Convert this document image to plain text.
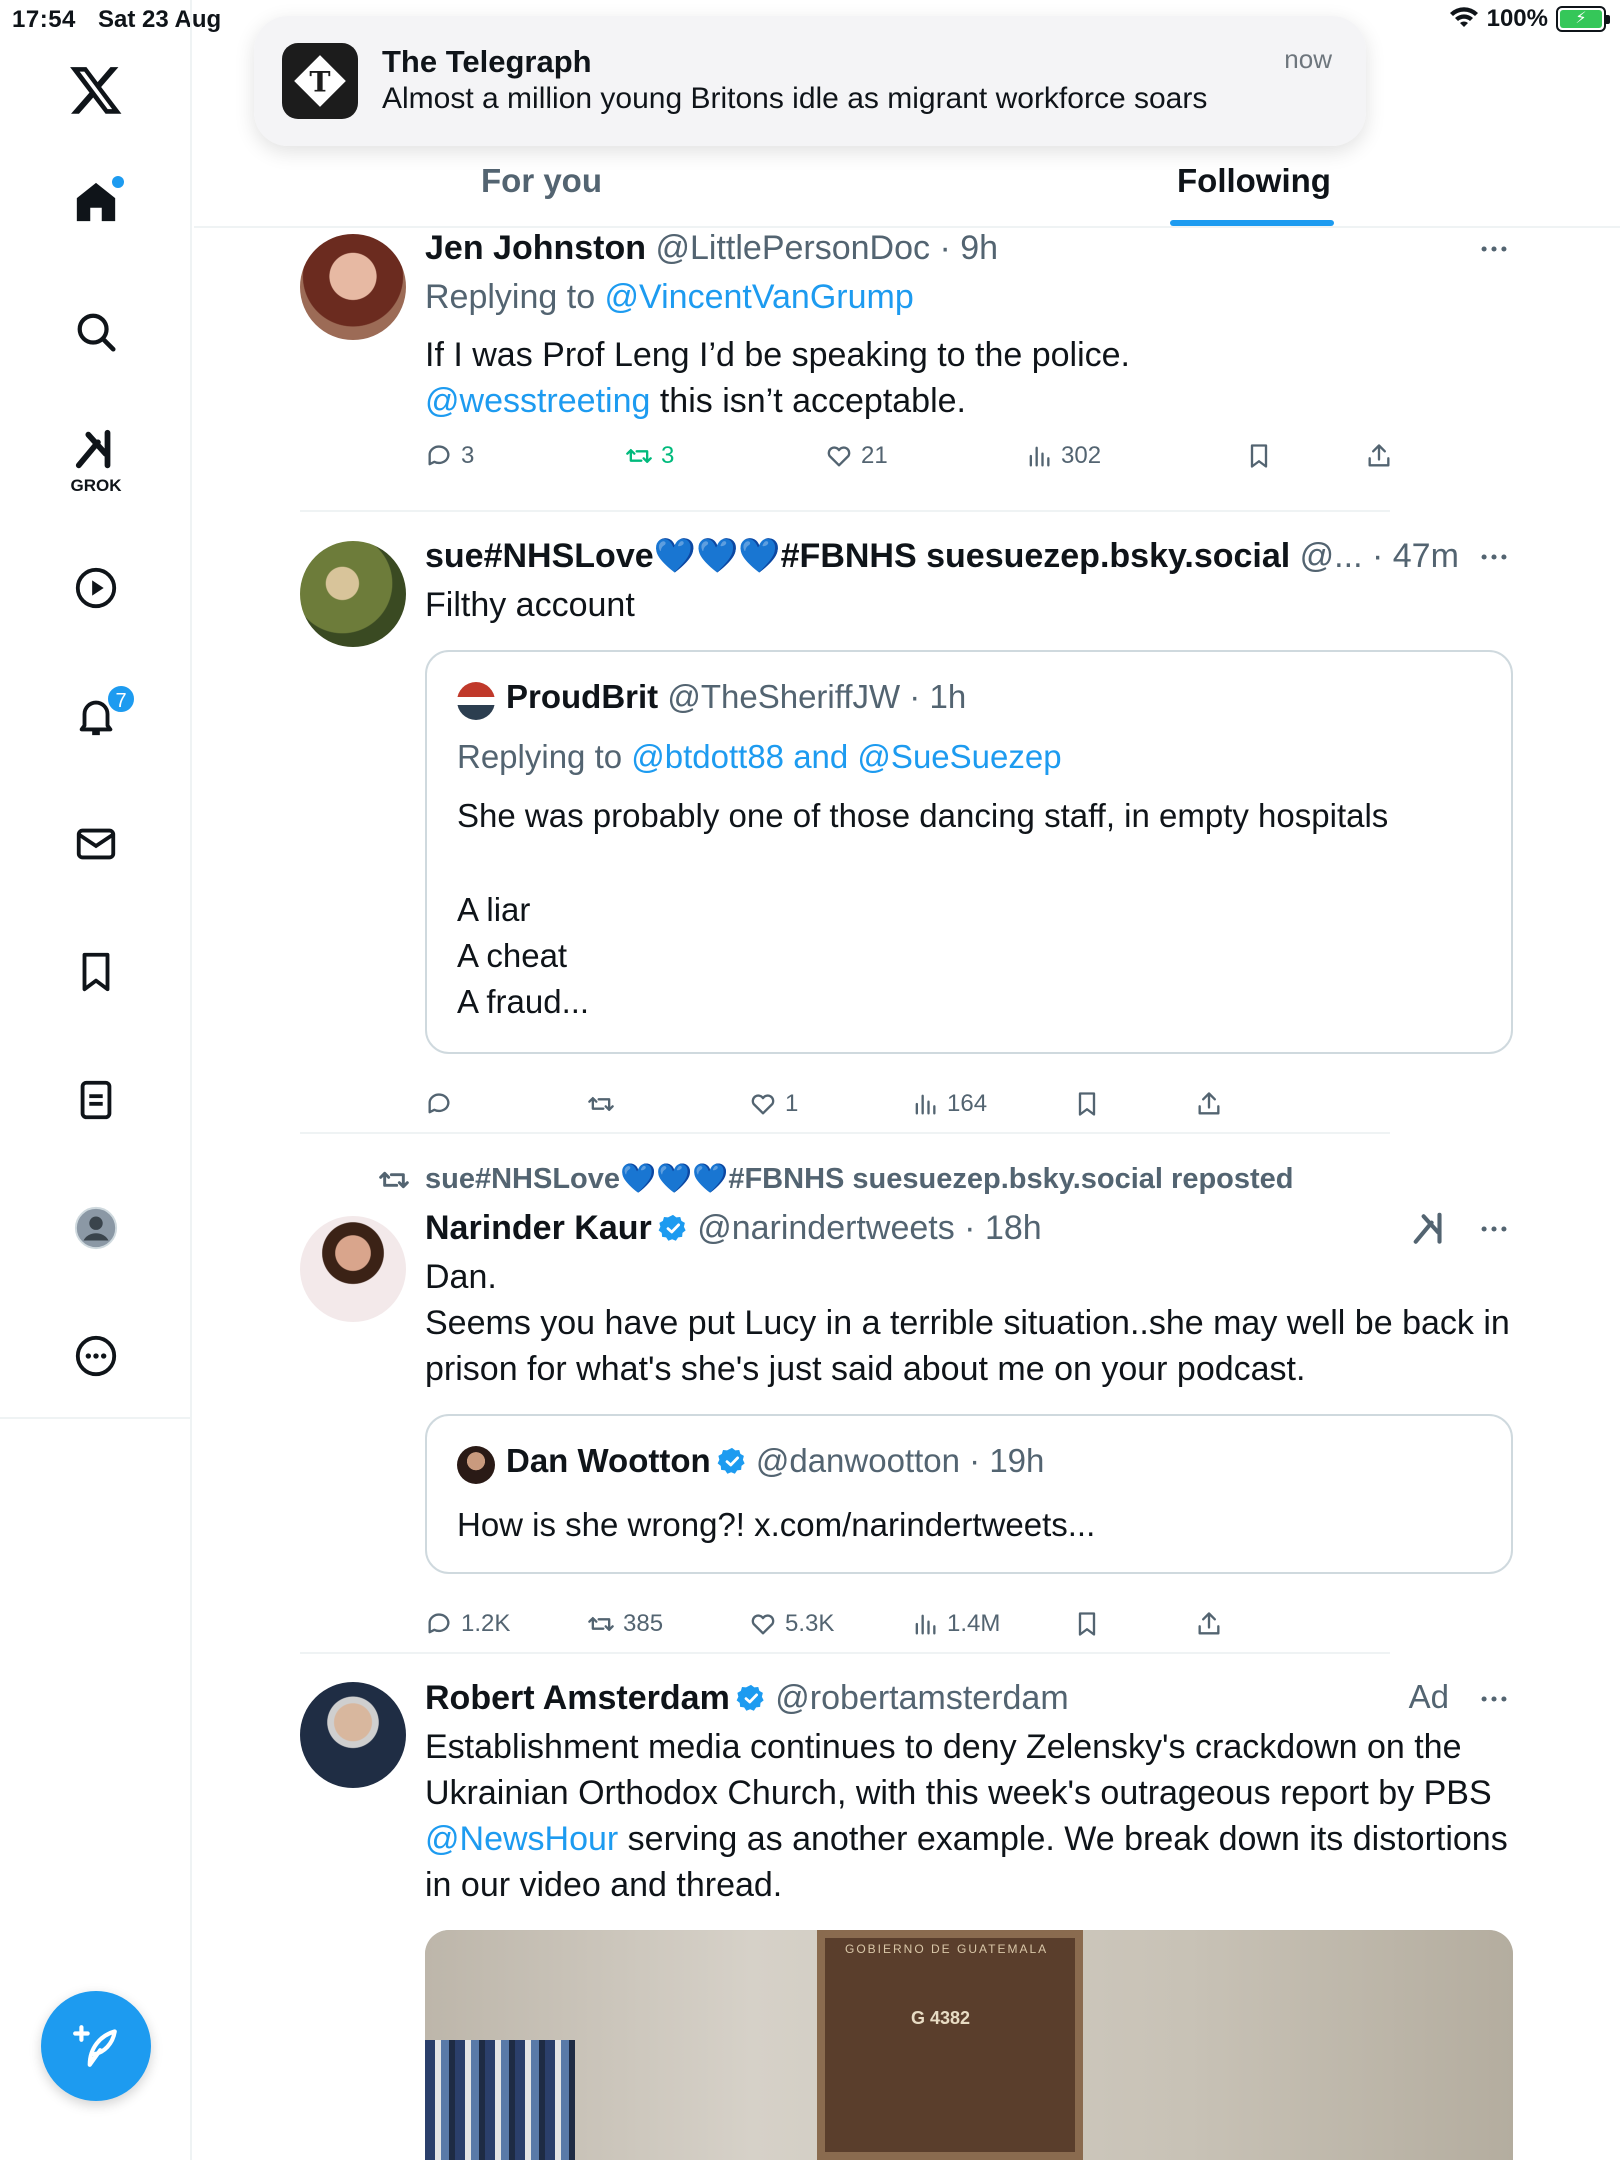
17:54 Sat 23 Aug	100%	⚡
GROK
7
For you	Following
Jen Johnston @LittlePersonDoc · 9h
Replying to @VincentVanGrump
If I was Prof Leng I’d be speaking to the police.
@wesstreeting this isn’t acceptable.
3	3	21	302
sue#NHSLove💙💙💙#FBNHS suesuezep.bsky.social @... · 47m
Filthy account
ProudBrit @TheSheriffJW · 1h
Replying to @btdott88 and @SueSuezep
She was probably one of those dancing staff, in empty hospitals
A liar
A cheat
A fraud...
1	164
sue#NHSLove💙💙💙#FBNHS suesuezep.bsky.social reposted
Narinder Kaur @narindertweets · 18h
Dan.
Seems you have put Lucy in a terrible situation..she may well be back in
prison for what's she's just said about me on your podcast.
Dan Wootton @danwootton · 19h
How is she wrong?! x.com/narindertweets...
1.2K	385	5.3K	1.4M
Robert Amsterdam @robertamsterdam	Ad
Establishment media continues to deny Zelensky's crackdown on the
Ukrainian Orthodox Church, with this week's outrageous report by PBS
@NewsHour serving as another example. We break down its distortions
in our video and thread.
GOBIERNO DE GUATEMALA
G 4382
T
The Telegraph
Almost a million young Britons idle as migrant workforce soars
now
